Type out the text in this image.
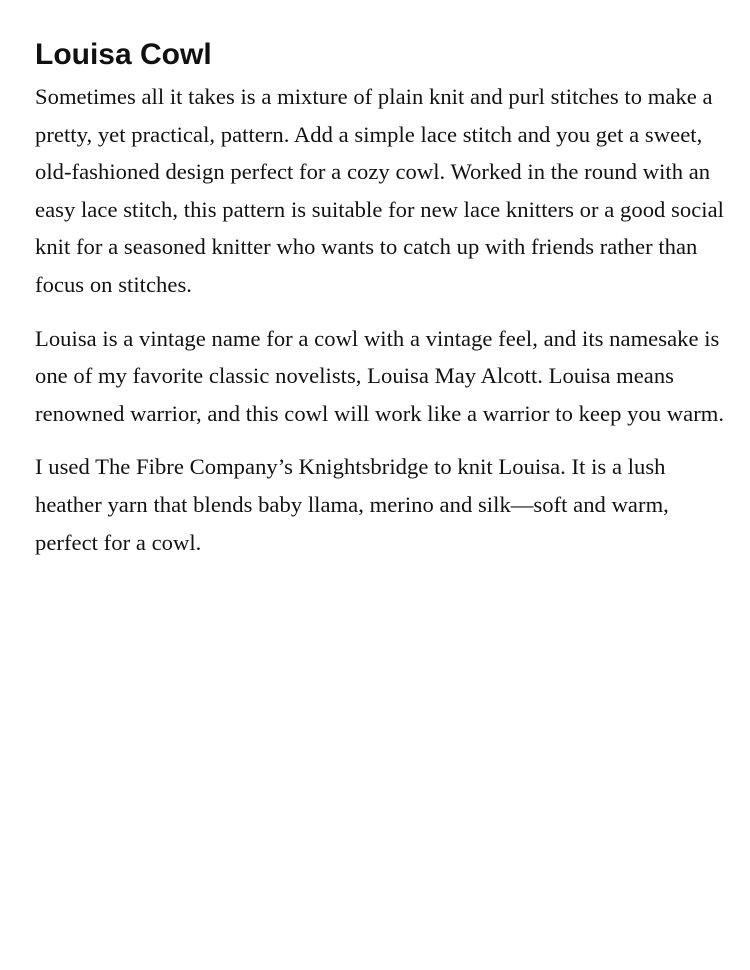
Louisa Cowl

Sometimes all it takes is a mixture of plain knit and purl stitches to make a pretty, yet practical, pattern. Add a simple lace stitch and you get a sweet, old-fashioned design perfect for a cozy cowl. Worked in the round with an easy lace stitch, this pattern is suitable for new lace knitters or a good social knit for a seasoned knitter who wants to catch up with friends rather than focus on stitches.

Louisa is a vintage name for a cowl with a vintage feel, and its namesake is one of my favorite classic novelists, Louisa May Alcott. Louisa means renowned warrior, and this cowl will work like a warrior to keep you warm.

I used The Fibre Company’s Knightsbridge to knit Louisa. It is a lush heather yarn that blends baby llama, merino and silk—soft and warm, perfect for a cowl.
